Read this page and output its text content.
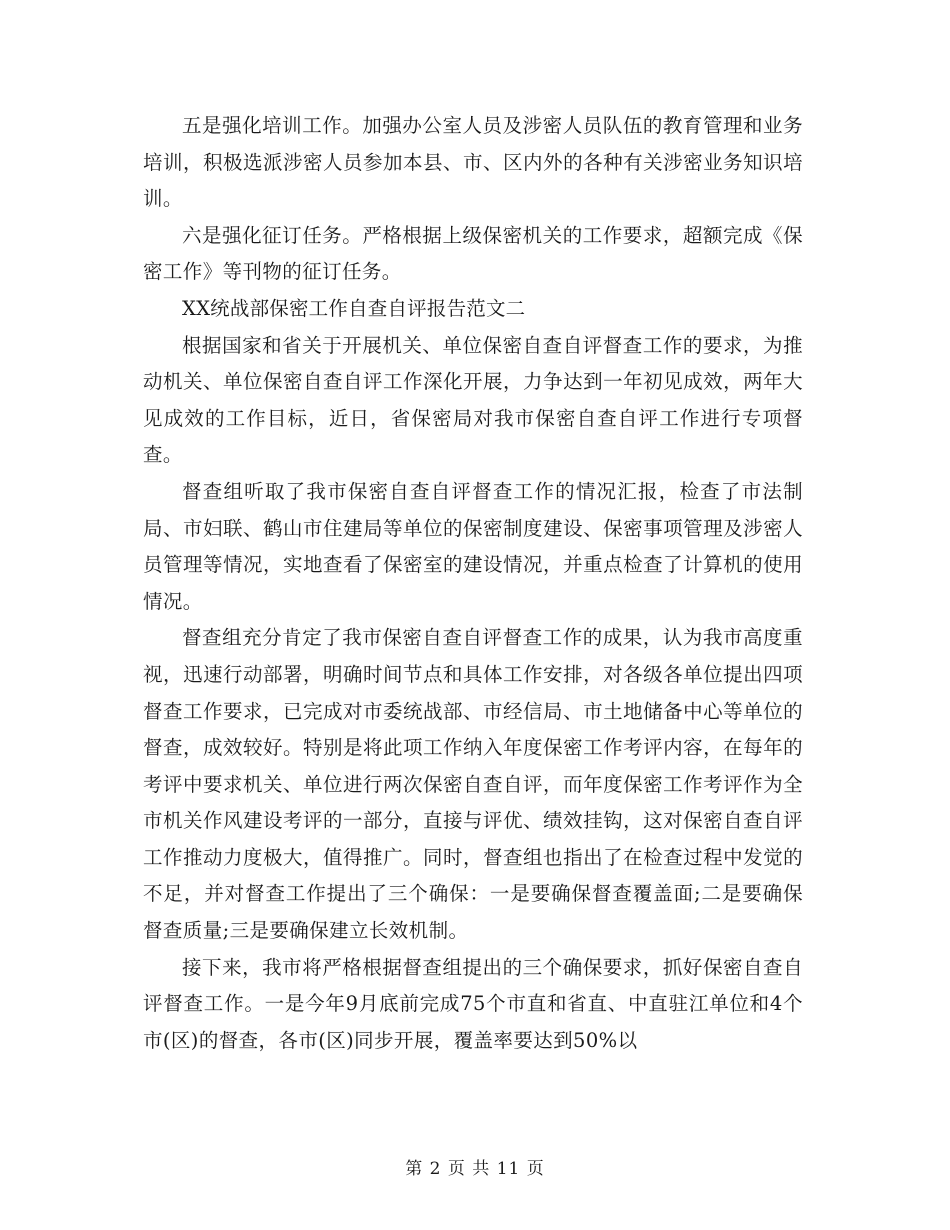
五是强化培训工作。加强办公室人员及涉密人员队伍的教育管理和业务培训，积极选派涉密人员参加本县、市、区内外的各种有关涉密业务知识培训。

六是强化征订任务。严格根据上级保密机关的工作要求，超额完成《保密工作》等刊物的征订任务。

XX统战部保密工作自查自评报告范文二

根据国家和省关于开展机关、单位保密自查自评督查工作的要求，为推动机关、单位保密自查自评工作深化开展，力争达到一年初见成效，两年大见成效的工作目标，近日，省保密局对我市保密自查自评工作进行专项督查。

督查组听取了我市保密自查自评督查工作的情况汇报，检查了市法制局、市妇联、鹤山市住建局等单位的保密制度建设、保密事项管理及涉密人员管理等情况，实地查看了保密室的建设情况，并重点检查了计算机的使用情况。

督查组充分肯定了我市保密自查自评督查工作的成果，认为我市高度重视，迅速行动部署，明确时间节点和具体工作安排，对各级各单位提出四项督查工作要求，已完成对市委统战部、市经信局、市土地储备中心等单位的督查，成效较好。特别是将此项工作纳入年度保密工作考评内容，在每年的考评中要求机关、单位进行两次保密自查自评，而年度保密工作考评作为全市机关作风建设考评的一部分，直接与评优、绩效挂钩，这对保密自查自评工作推动力度极大，值得推广。同时，督查组也指出了在检查过程中发觉的不足，并对督查工作提出了三个确保：一是要确保督查覆盖面;二是要确保督查质量;三是要确保建立长效机制。

接下来，我市将严格根据督查组提出的三个确保要求，抓好保密自查自评督查工作。一是今年9月底前完成75个市直和省直、中直驻江单位和4个市(区)的督查，各市(区)同步开展，覆盖率要达到50%以

第 2 页 共 11 页
